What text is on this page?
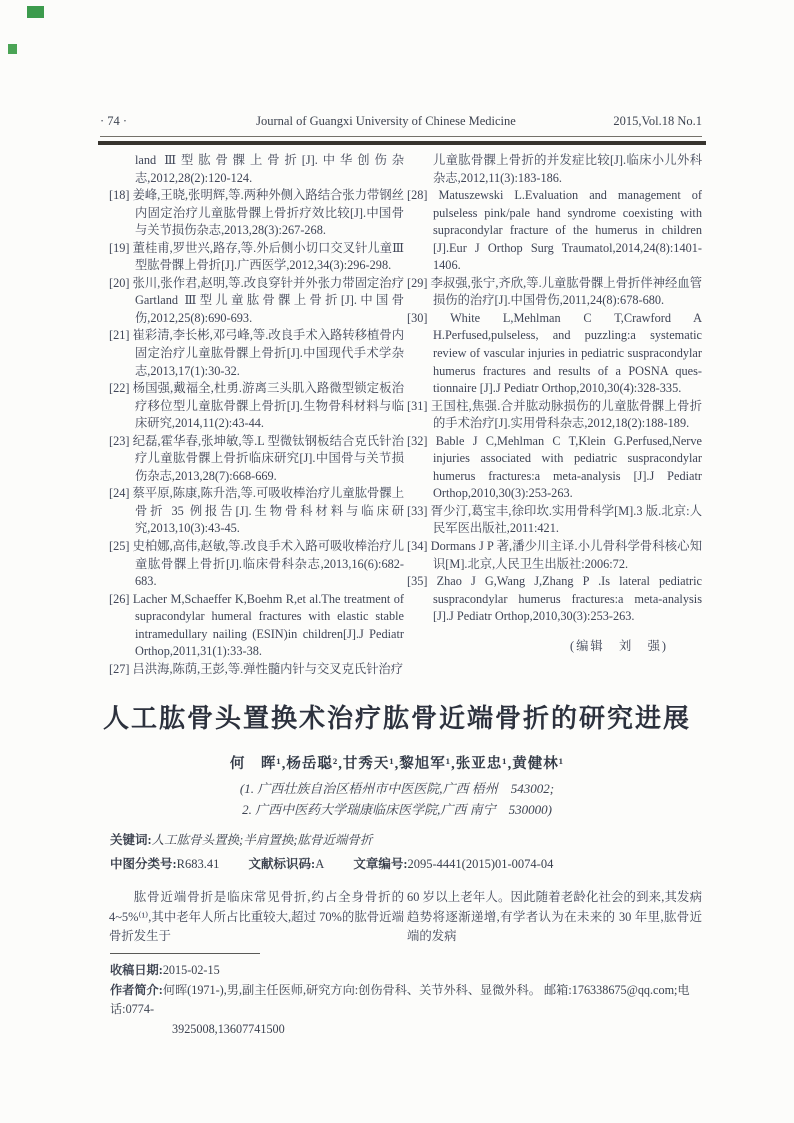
· 74 ·	Journal of Guangxi University of Chinese Medicine	2015,Vol.18 No.1
land Ⅲ型肱骨髁上骨折[J].中华创伤杂志,2012,28(2):120-124.
[18] 姜峰,王晓,张明辉,等.两种外侧入路结合张力带钢丝内固定治疗儿童肱骨髁上骨折疗效比较[J].中国骨与关节损伤杂志,2013,28(3):267-268.
[19] 董桂甫,罗世兴,路存,等.外后侧小切口交叉针儿童Ⅲ型肱骨髁上骨折[J].广西医学,2012,34(3):296-298.
[20] 张川,张作君,赵明,等.改良穿针并外张力带固定治疗Gartland Ⅲ型儿童肱骨髁上骨折[J].中国骨伤,2012,25(8):690-693.
[21] 崔彩清,李长彬,邓弓峰,等.改良手术入路转移植骨内固定治疗儿童肱骨髁上骨折[J].中国现代手术学杂志,2013,17(1):30-32.
[22] 杨国强,戴福全,杜勇.游离三头肌入路微型锁定板治疗移位型儿童肱骨髁上骨折[J].生物骨科材料与临床研究,2014,11(2):43-44.
[23] 纪磊,霍华春,张坤敏,等.L 型微钛钢板结合克氏针治疗儿童肱骨髁上骨折临床研究[J].中国骨与关节损伤杂志,2013,28(7):668-669.
[24] 蔡平原,陈康,陈升浩,等.可吸收棒治疗儿童肱骨髁上骨折 35 例报告[J].生物骨科材料与临床研究,2013,10(3):43-45.
[25] 史柏娜,高伟,赵敏,等.改良手术入路可吸收棒治疗儿童肱骨髁上骨折[J].临床骨科杂志,2013,16(6):682-683.
[26] Lacher M,Schaeffer K,Boehm R,et al.The treatment of supracondylar humeral fractures with elastic stable intramedullary nailing (ESIN)in children[J].J Pediatr Orthop,2011,31(1):33-38.
[27] 吕洪海,陈荫,王彭,等.弹性髓内针与交叉克氏针治疗
儿童肱骨髁上骨折的并发症比较[J].临床小儿外科杂志,2012,11(3):183-186.
[28] Matuszewski L.Evaluation and management of pulseless pink/pale hand syndrome coexisting with supracondylar fracture of the humerus in children [J].Eur J Orthop Surg Traumatol,2014,24(8):1401-1406.
[29] 李叔强,张宁,齐欣,等.儿童肱骨髁上骨折伴神经血管损伤的治疗[J].中国骨伤,2011,24(8):678-680.
[30] White L,Mehlman C T,Crawford A H.Perfused,pulseless, and puzzling:a systematic review of vascular injuries in pediatric suspracondylar humerus fractures and results of a POSNA ques-tionnaire [J].J Pediatr Orthop,2010,30(4):328-335.
[31] 王国柱,焦强.合并肱动脉损伤的儿童肱骨髁上骨折的手术治疗[J].实用骨科杂志,2012,18(2):188-189.
[32] Bable J C,Mehlman C T,Klein G.Perfused,Nerve injuries associated with pediatric suspracondylar humerus fractures:a meta-analysis [J].J Pediatr Orthop,2010,30(3):253-263.
[33] 胥少汀,葛宝丰,徐印坎.实用骨科学[M].3 版.北京:人民军医出版社,2011:421.
[34] Dormans J P 著,潘少川主译.小儿骨科学骨科核心知识[M].北京,人民卫生出版社:2006:72.
[35] Zhao J G,Wang J,Zhang P .Is lateral pediatric suspracondylar humerus fractures:a meta-analysis [J].J Pediatr Orthop,2010,30(3):253-263.
(编辑　刘　强)
人工肱骨头置换术治疗肱骨近端骨折的研究进展
何　晖¹,杨岳聪²,甘秀天¹,黎旭军¹,张亚忠¹,黄健林¹
(1. 广西壮族自治区梧州市中医医院,广西 梧州　543002;
2. 广西中医药大学瑞康临床医学院,广西 南宁　530000)
关键词:人工肱骨头置换;半肩置换;肱骨近端骨折
中图分类号:R683.41 文献标识码:A 文章编号:2095-4441(2015)01-0074-04

肱骨近端骨折是临床常见骨折,约占全身骨折的 4~5%⁽¹⁾,其中老年人所占比重较大,超过 70%的肱骨近端骨折发生于

60 岁以上老年人。因此随着老龄化社会的到来,其发病趋势将逐渐递增,有学者认为在未来的 30 年里,肱骨近端的发病

收稿日期:2015-02-15
作者简介:何晖(1971-),男,副主任医师,研究方向:创伤骨科、关节外科、显微外科。 邮箱:176338675@qq.com;电话:0774-
3925008,13607741500
